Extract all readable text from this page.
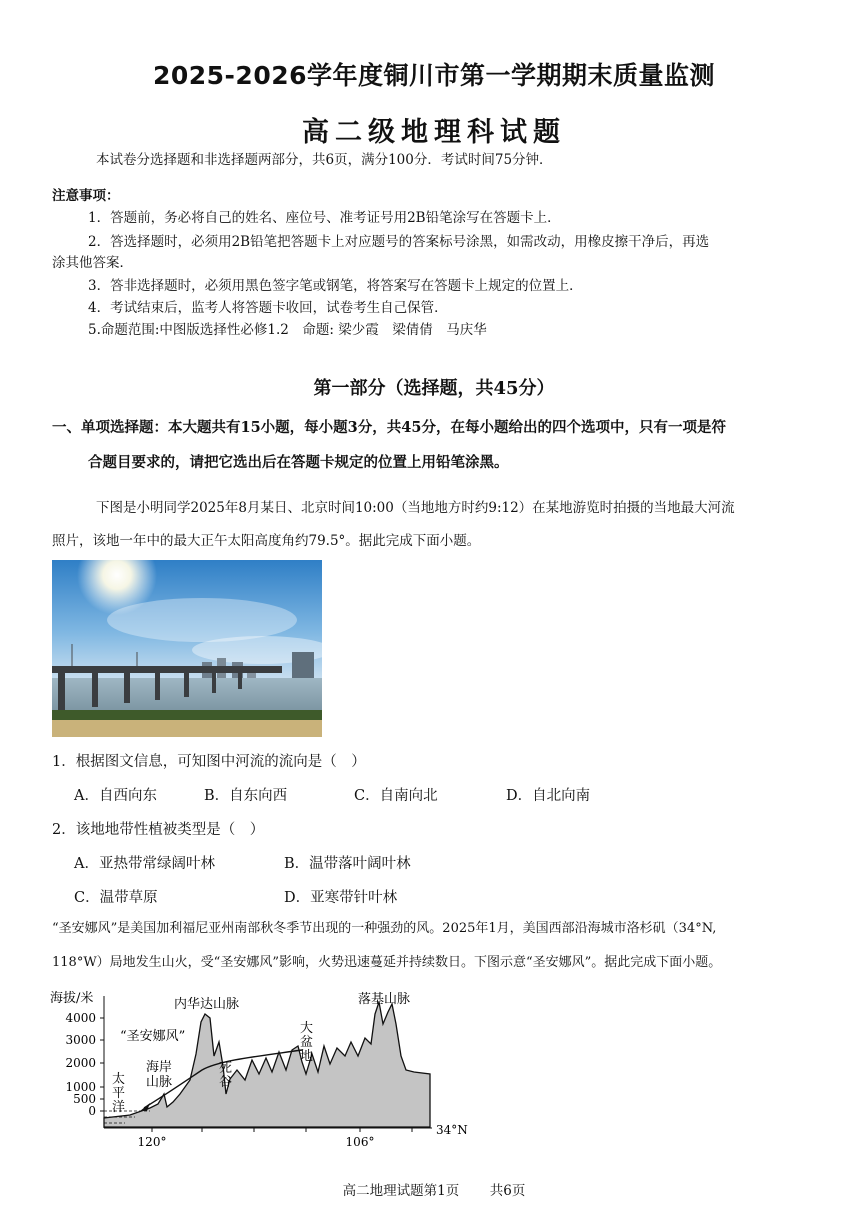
2025-2026学年度铜川市第一学期期末质量监测
高二级地理科试题
本试卷分选择题和非选择题两部分，共6页，满分100分．考试时间75分钟．
注意事项：
1．答题前，务必将自己的姓名、座位号、准考证号用2B铅笔涂写在答题卡上．
2．答选择题时，必须用2B铅笔把答题卡上对应题号的答案标号涂黑，如需改动，用橡皮擦干净后，再选
涂其他答案．
3．答非选择题时，必须用黑色签字笔或钢笔，将答案写在答题卡上规定的位置上．
4．考试结束后，监考人将答题卡收回，试卷考生自己保管．
5.命题范围:中图版选择性必修1.2　命题: 梁少霞　梁倩倩　马庆华
第一部分（选择题，共45分）
一、单项选择题：本大题共有15小题，每小题3分，共45分，在每小题给出的四个选项中，只有一项是符
合题目要求的，请把它选出后在答题卡规定的位置上用铅笔涂黑。
下图是小明同学2025年8月某日、北京时间10:00（当地地方时约9:12）在某地游览时拍摄的当地最大河流
照片，该地一年中的最大正午太阳高度角约79.5°。据此完成下面小题。
1．根据图文信息，可知图中河流的流向是（　）
A．自西向东	B．自东向西	C．自南向北	D．自北向南
2．该地地带性植被类型是（　）
A．亚热带常绿阔叶林	B．温带落叶阔叶林
C．温带草原	D．亚寒带针叶林
“圣安娜风”是美国加利福尼亚州南部秋冬季节出现的一种强劲的风。2025年1月，美国西部沿海城市洛杉矶（34°N,
118°W）局地发生山火，受“圣安娜风”影响，火势迅速蔓延并持续数日。下图示意“圣安娜风”。据此完成下面小题。
海拔/米
4000
3000
2000
1000
500
0
120°	106°
34°N
“圣安娜风”
内华达山脉	落基山脉
海岸山脉
太平洋
死谷
大盆地
高二地理试题第1页 共6页
